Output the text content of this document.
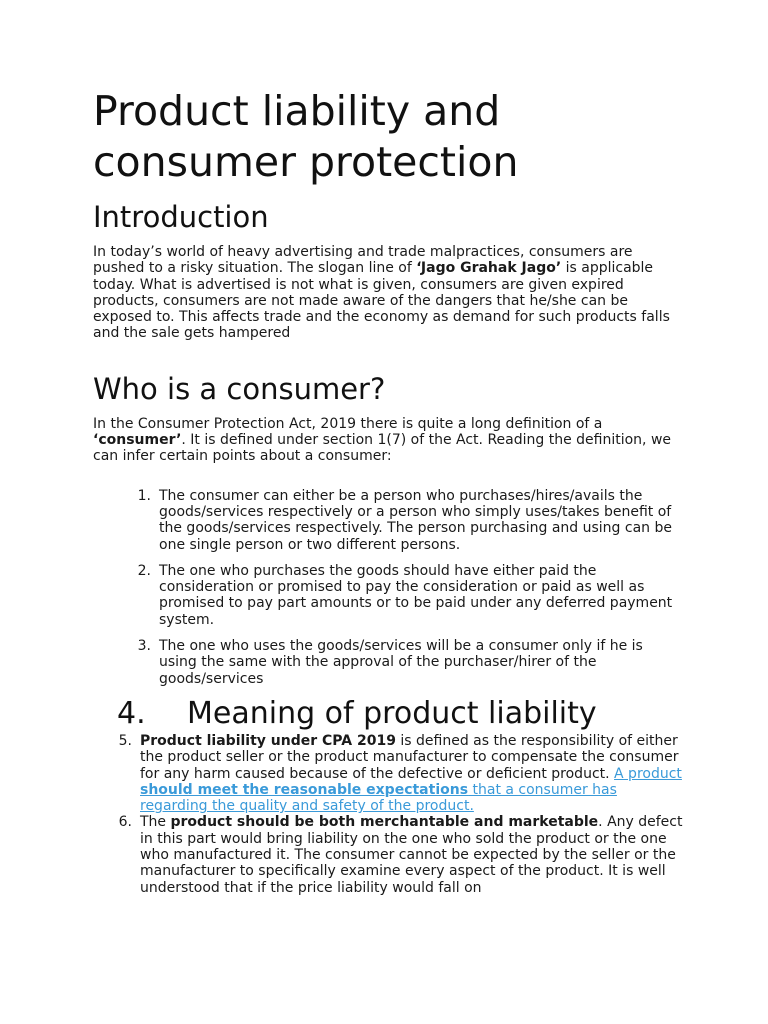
Product liability and consumer protection
Introduction

In today’s world of heavy advertising and trade malpractices, consumers are pushed to a risky situation. The slogan line of ‘Jago Grahak Jago’ is applicable today. What is advertised is not what is given, consumers are given expired products, consumers are not made aware of the dangers that he/she can be exposed to. This affects trade and the economy as demand for such products falls and the sale gets hampered

Who is a consumer?

In the Consumer Protection Act, 2019 there is quite a long definition of a ‘consumer’. It is defined under section 1(7) of the Act. Reading the definition, we can infer certain points about a consumer:

1. The consumer can either be a person who purchases/hires/avails the goods/services respectively or a person who simply uses/takes benefit of the goods/services respectively. The person purchasing and using can be one single person or two different persons.
2. The one who purchases the goods should have either paid the consideration or promised to pay the consideration or paid as well as promised to pay part amounts or to be paid under any deferred payment system.
3. The one who uses the goods/services will be a consumer only if he is using the same with the approval of the purchaser/hirer of the goods/services
4. Meaning of product liability
5. Product liability under CPA 2019 is defined as the responsibility of either the product seller or the product manufacturer to compensate the consumer for any harm caused because of the defective or deficient product. A product should meet the reasonable expectations that a consumer has regarding the quality and safety of the product.
6. The product should be both merchantable and marketable. Any defect in this part would bring liability on the one who sold the product or the one who manufactured it. The consumer cannot be expected by the seller or the manufacturer to specifically examine every aspect of the product. It is well understood that if the price liability would fall on
